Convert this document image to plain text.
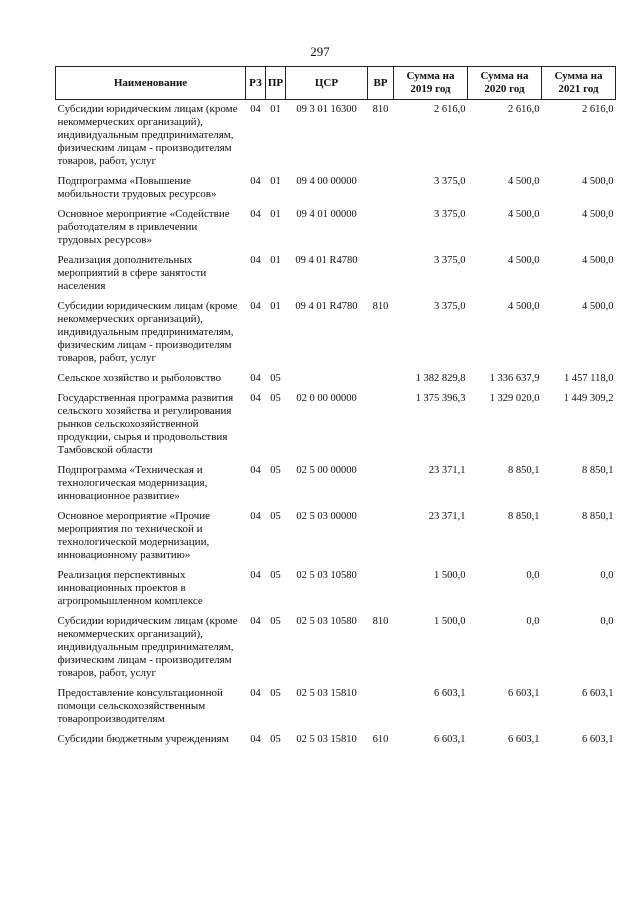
297
Наименование	РЗ	ПР	ЦСР	ВР	Сумма на 2019 год	Сумма на 2020 год	Сумма на 2021 год
Субсидии юридическим лицам (кроме некоммерческих организаций), индивидуальным предпринимателям, физическим лицам - производителям товаров, работ, услуг	04	01	09 3 01 16300	810	2 616,0	2 616,0	2 616,0
Подпрограмма «Повышение мобильности трудовых ресурсов»	04	01	09 4 00 00000		3 375,0	4 500,0	4 500,0
Основное мероприятие «Содействие работодателям в привлечении трудовых ресурсов»	04	01	09 4 01 00000		3 375,0	4 500,0	4 500,0
Реализация дополнительных мероприятий в сфере занятости населения	04	01	09 4 01 R4780		3 375,0	4 500,0	4 500,0
Субсидии юридическим лицам (кроме некоммерческих организаций), индивидуальным предпринимателям, физическим лицам - производителям товаров, работ, услуг	04	01	09 4 01 R4780	810	3 375,0	4 500,0	4 500,0
Сельское хозяйство и рыболовство	04	05			1 382 829,8	1 336 637,9	1 457 118,0
Государственная программа развития сельского хозяйства и регулирования рынков сельскохозяйственной продукции, сырья и продовольствия Тамбовской области	04	05	02 0 00 00000		1 375 396,3	1 329 020,0	1 449 309,2
Подпрограмма «Техническая и технологическая модернизация, инновационное развитие»	04	05	02 5 00 00000		23 371,1	8 850,1	8 850,1
Основное мероприятие «Прочие мероприятия по технической и технологической модернизации, инновационному развитию»	04	05	02 5 03 00000		23 371,1	8 850,1	8 850,1
Реализация перспективных инновационных проектов в агропромышленном комплексе	04	05	02 5 03 10580		1 500,0	0,0	0,0
Субсидии юридическим лицам (кроме некоммерческих организаций), индивидуальным предпринимателям, физическим лицам - производителям товаров, работ, услуг	04	05	02 5 03 10580	810	1 500,0	0,0	0,0
Предоставление консультационной помощи сельскохозяйственным товаропроизводителям	04	05	02 5 03 15810		6 603,1	6 603,1	6 603,1
Субсидии бюджетным учреждениям	04	05	02 5 03 15810	610	6 603,1	6 603,1	6 603,1
